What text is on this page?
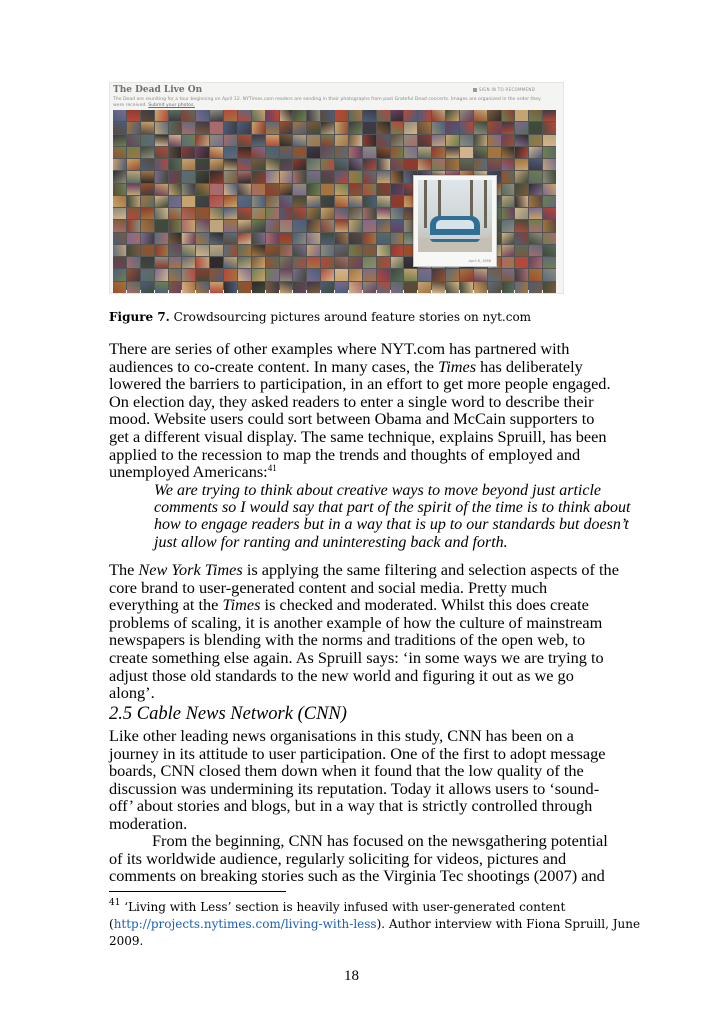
The Dead Live On	SIGN IN TO RECOMMEND
The Dead are reuniting for a tour beginning on April 12. NYTimes.com readers are sending in their photographs from past Grateful Dead concerts. Images are organized in the order they were received. Submit your photos.
April 8, 1988
Figure 7. Crowdsourcing pictures around feature stories on nyt.com
There are series of other examples where NYT.com has partnered with
audiences to co-create content. In many cases, the Times has deliberately
lowered the barriers to participation, in an effort to get more people engaged.
On election day, they asked readers to enter a single word to describe their
mood. Website users could sort between Obama and McCain supporters to
get a different visual display. The same technique, explains Spruill, has been
applied to the recession to map the trends and thoughts of employed and
unemployed Americans:$^{41}$
We are trying to think about creative ways to move beyond just article
comments so I would say that part of the spirit of the time is to think about
how to engage readers but in a way that is up to our standards but doesn’t
just allow for ranting and uninteresting back and forth.
The New York Times is applying the same filtering and selection aspects of the
core brand to user-generated content and social media. Pretty much
everything at the Times is checked and moderated. Whilst this does create
problems of scaling, it is another example of how the culture of mainstream
newspapers is blending with the norms and traditions of the open web, to
create something else again. As Spruill says: ‘in some ways we are trying to
adjust those old standards to the new world and figuring it out as we go
along’.
2.5 Cable News Network (CNN)
Like other leading news organisations in this study, CNN has been on a
journey in its attitude to user participation. One of the first to adopt message
boards, CNN closed them down when it found that the low quality of the
discussion was undermining its reputation. Today it allows users to ‘sound-
off’ about stories and blogs, but in a way that is strictly controlled through
moderation.
From the beginning, CNN has focused on the newsgathering potential
of its worldwide audience, regularly soliciting for videos, pictures and
comments on breaking stories such as the Virginia Tec shootings (2007) and
$^{41}$ ‘Living with Less’ section is heavily infused with user-generated content
(http://projects.nytimes.com/living-with-less). Author interview with Fiona Spruill, June
2009.
18
